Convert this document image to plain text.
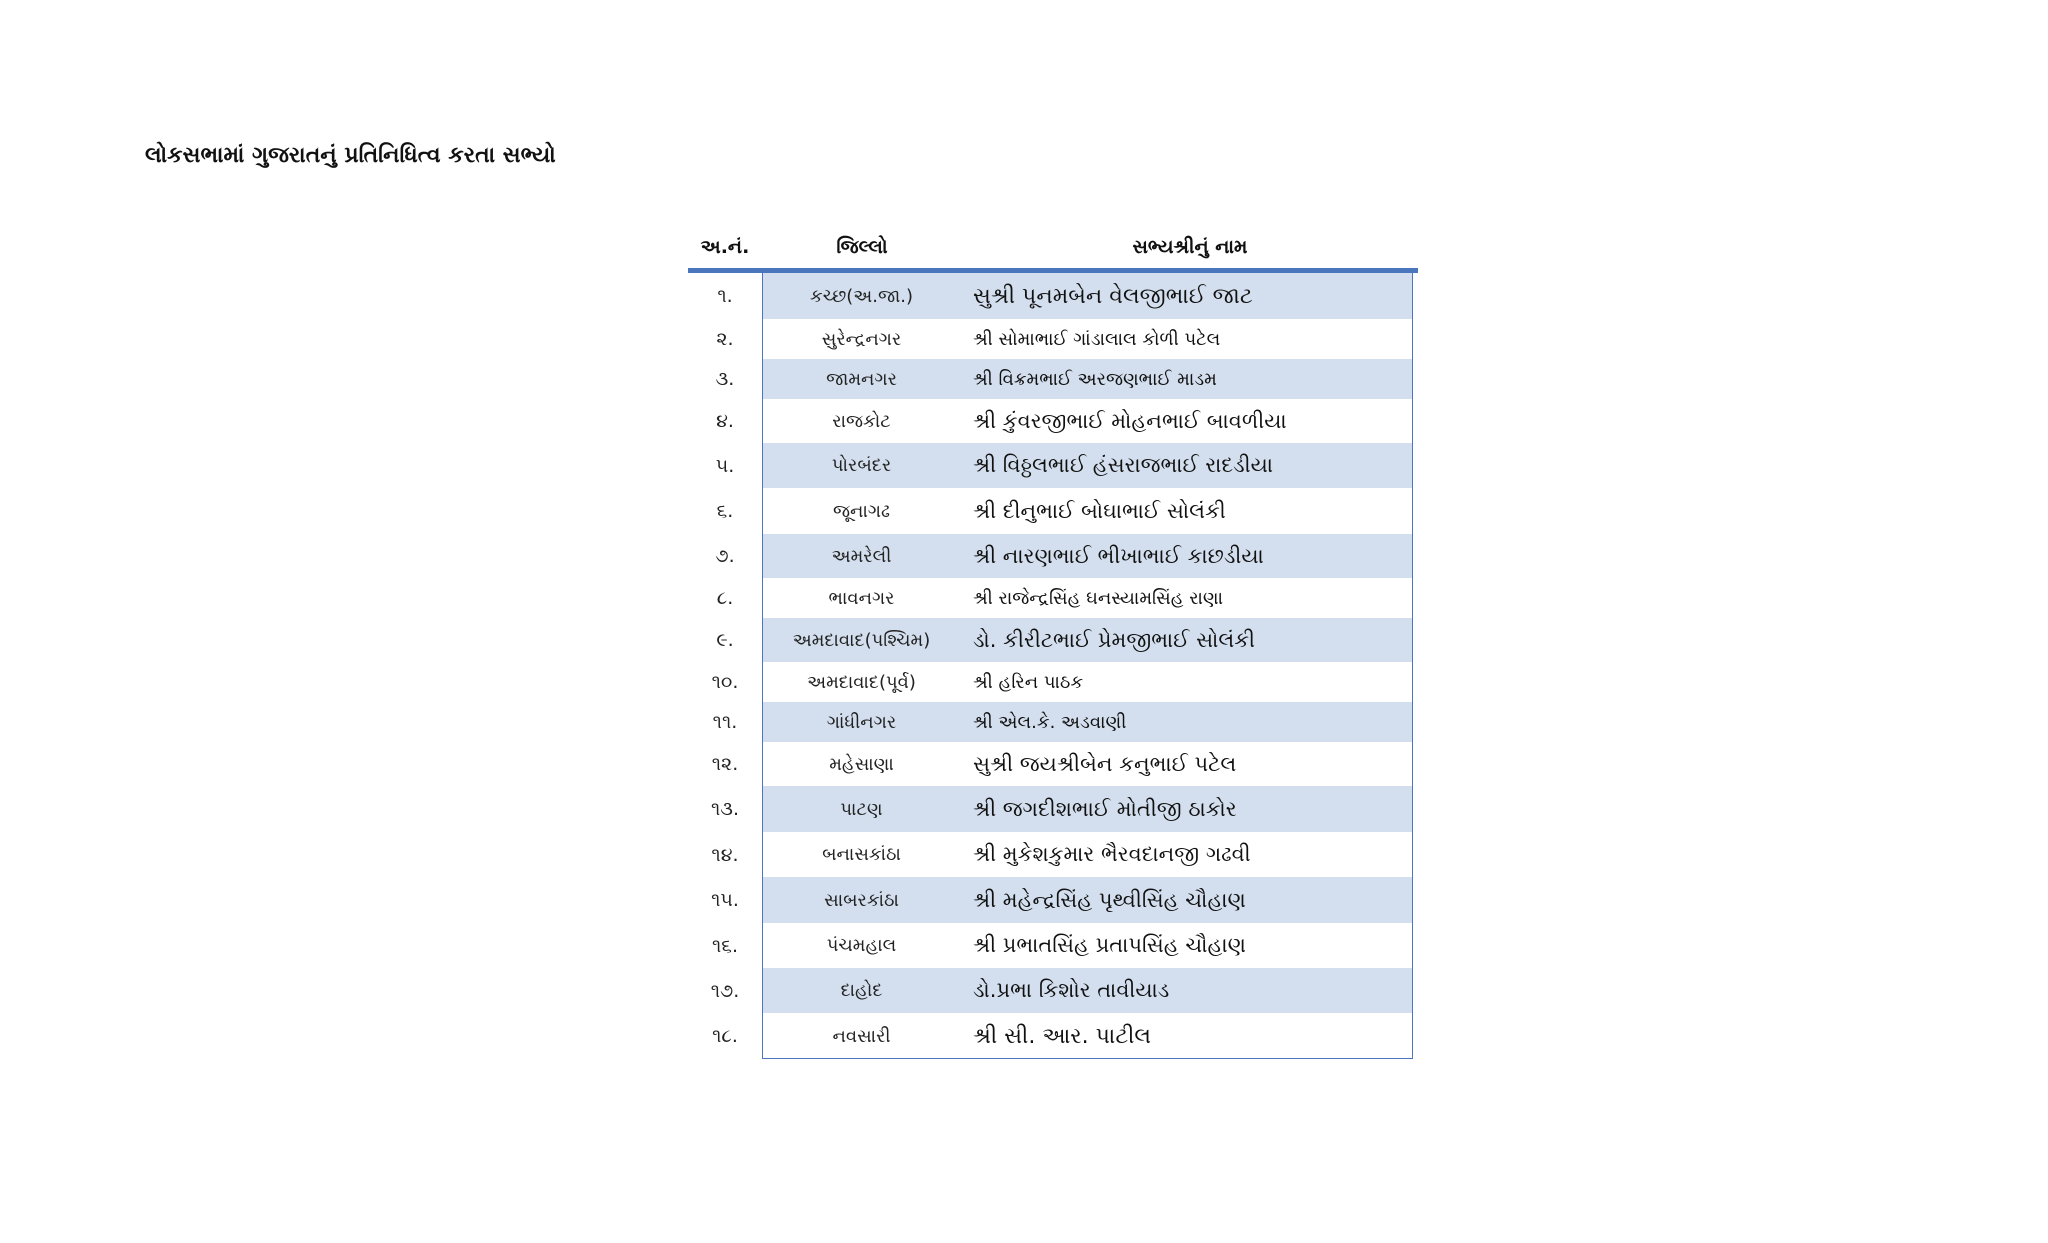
લોકસભામાં ગુજરાતનું પ્રતિનિધિત્વ કરતા સભ્યો
અ.નં.	જિલ્લો	સભ્યશ્રીનું નામ
૧.	કચ્છ(અ.જા.)	સુશ્રી પૂનમબેન વેલજીભાઈ જાટ
૨.	સુરેન્દ્રનગર	શ્રી સોમાભાઈ ગાંડાલાલ કોળી પટેલ
૩.	જામનગર	શ્રી વિક્રમભાઈ અરજણભાઈ માડમ
૪.	રાજકોટ	શ્રી કુંવરજીભાઈ મોહનભાઈ બાવળીયા
૫.	પોરબંદર	શ્રી વિઠ્ઠલભાઈ હંસરાજભાઈ રાદડીયા
૬.	જૂનાગઢ	શ્રી દીનુભાઈ બોઘાભાઈ સોલંકી
૭.	અમરેલી	શ્રી નારણભાઈ ભીખાભાઈ કાછડીયા
૮.	ભાવનગર	શ્રી રાજેન્દ્રસિંહ ઘનસ્યામસિંહ રાણા
૯.	અમદાવાદ(પશ્ચિમ)	ડો. કીરીટભાઈ પ્રેમજીભાઈ સોલંકી
૧૦.	અમદાવાદ(પૂર્વ)	શ્રી હરિન પાઠક
૧૧.	ગાંધીનગર	શ્રી એલ.કે. અડવાણી
૧૨.	મહેસાણા	સુશ્રી જયશ્રીબેન કનુભાઈ પટેલ
૧૩.	પાટણ	શ્રી જગદીશભાઈ મોતીજી ઠાકોર
૧૪.	બનાસકાંઠા	શ્રી મુકેશકુમાર ભૈરવદાનજી ગઢવી
૧૫.	સાબરકાંઠા	શ્રી મહેન્દ્રસિંહ પૃથ્વીસિંહ ચૌહાણ
૧૬.	પંચમહાલ	શ્રી પ્રભાતસિંહ પ્રતાપસિંહ ચૌહાણ
૧૭.	દાહોદ	ડો.પ્રભા કિશોર તાવીયાડ
૧૮.	નવસારી	શ્રી સી. આર. પાટીલ
